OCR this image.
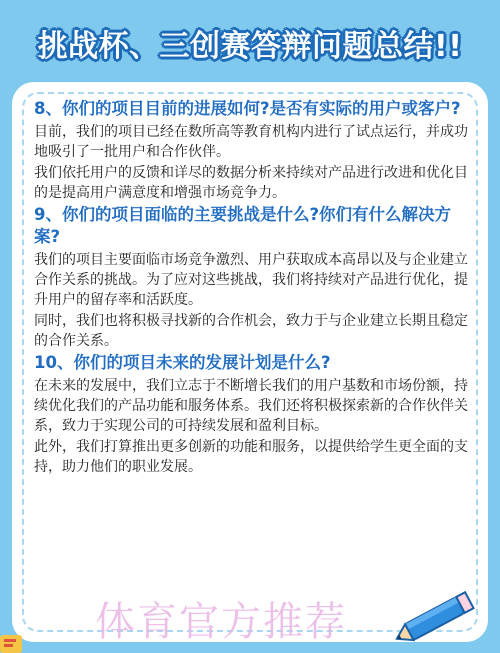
挑战杯、三创赛答辩问题总结!!
8、你们的项目目前的进展如何?是否有实际的用户或客户?
目前，我们的项目已经在数所高等教育机构内进行了试点运行，并成功地吸引了一批用户和合作伙伴。
我们依托用户的反馈和详尽的数据分析来持续对产品进行改进和优化目的是提高用户满意度和增强市场竞争力。
9、你们的项目面临的主要挑战是什么?你们有什么解决方案?
我们的项目主要面临市场竞争激烈、用户获取成本高昂以及与企业建立合作关系的挑战。为了应对这些挑战，我们将持续对产品进行优化，提升用户的留存率和活跃度。
同时，我们也将积极寻找新的合作机会，致力于与企业建立长期且稳定的合作关系。
10、你们的项目未来的发展计划是什么?
在未来的发展中，我们立志于不断增长我们的用户基数和市场份额，持续优化我们的产品功能和服务体系。我们还将积极探索新的合作伙伴关系，致力于实现公司的可持续发展和盈利目标。
此外，我们打算推出更多创新的功能和服务，以提供给学生更全面的支持，助力他们的职业发展。
体育官方推荐
